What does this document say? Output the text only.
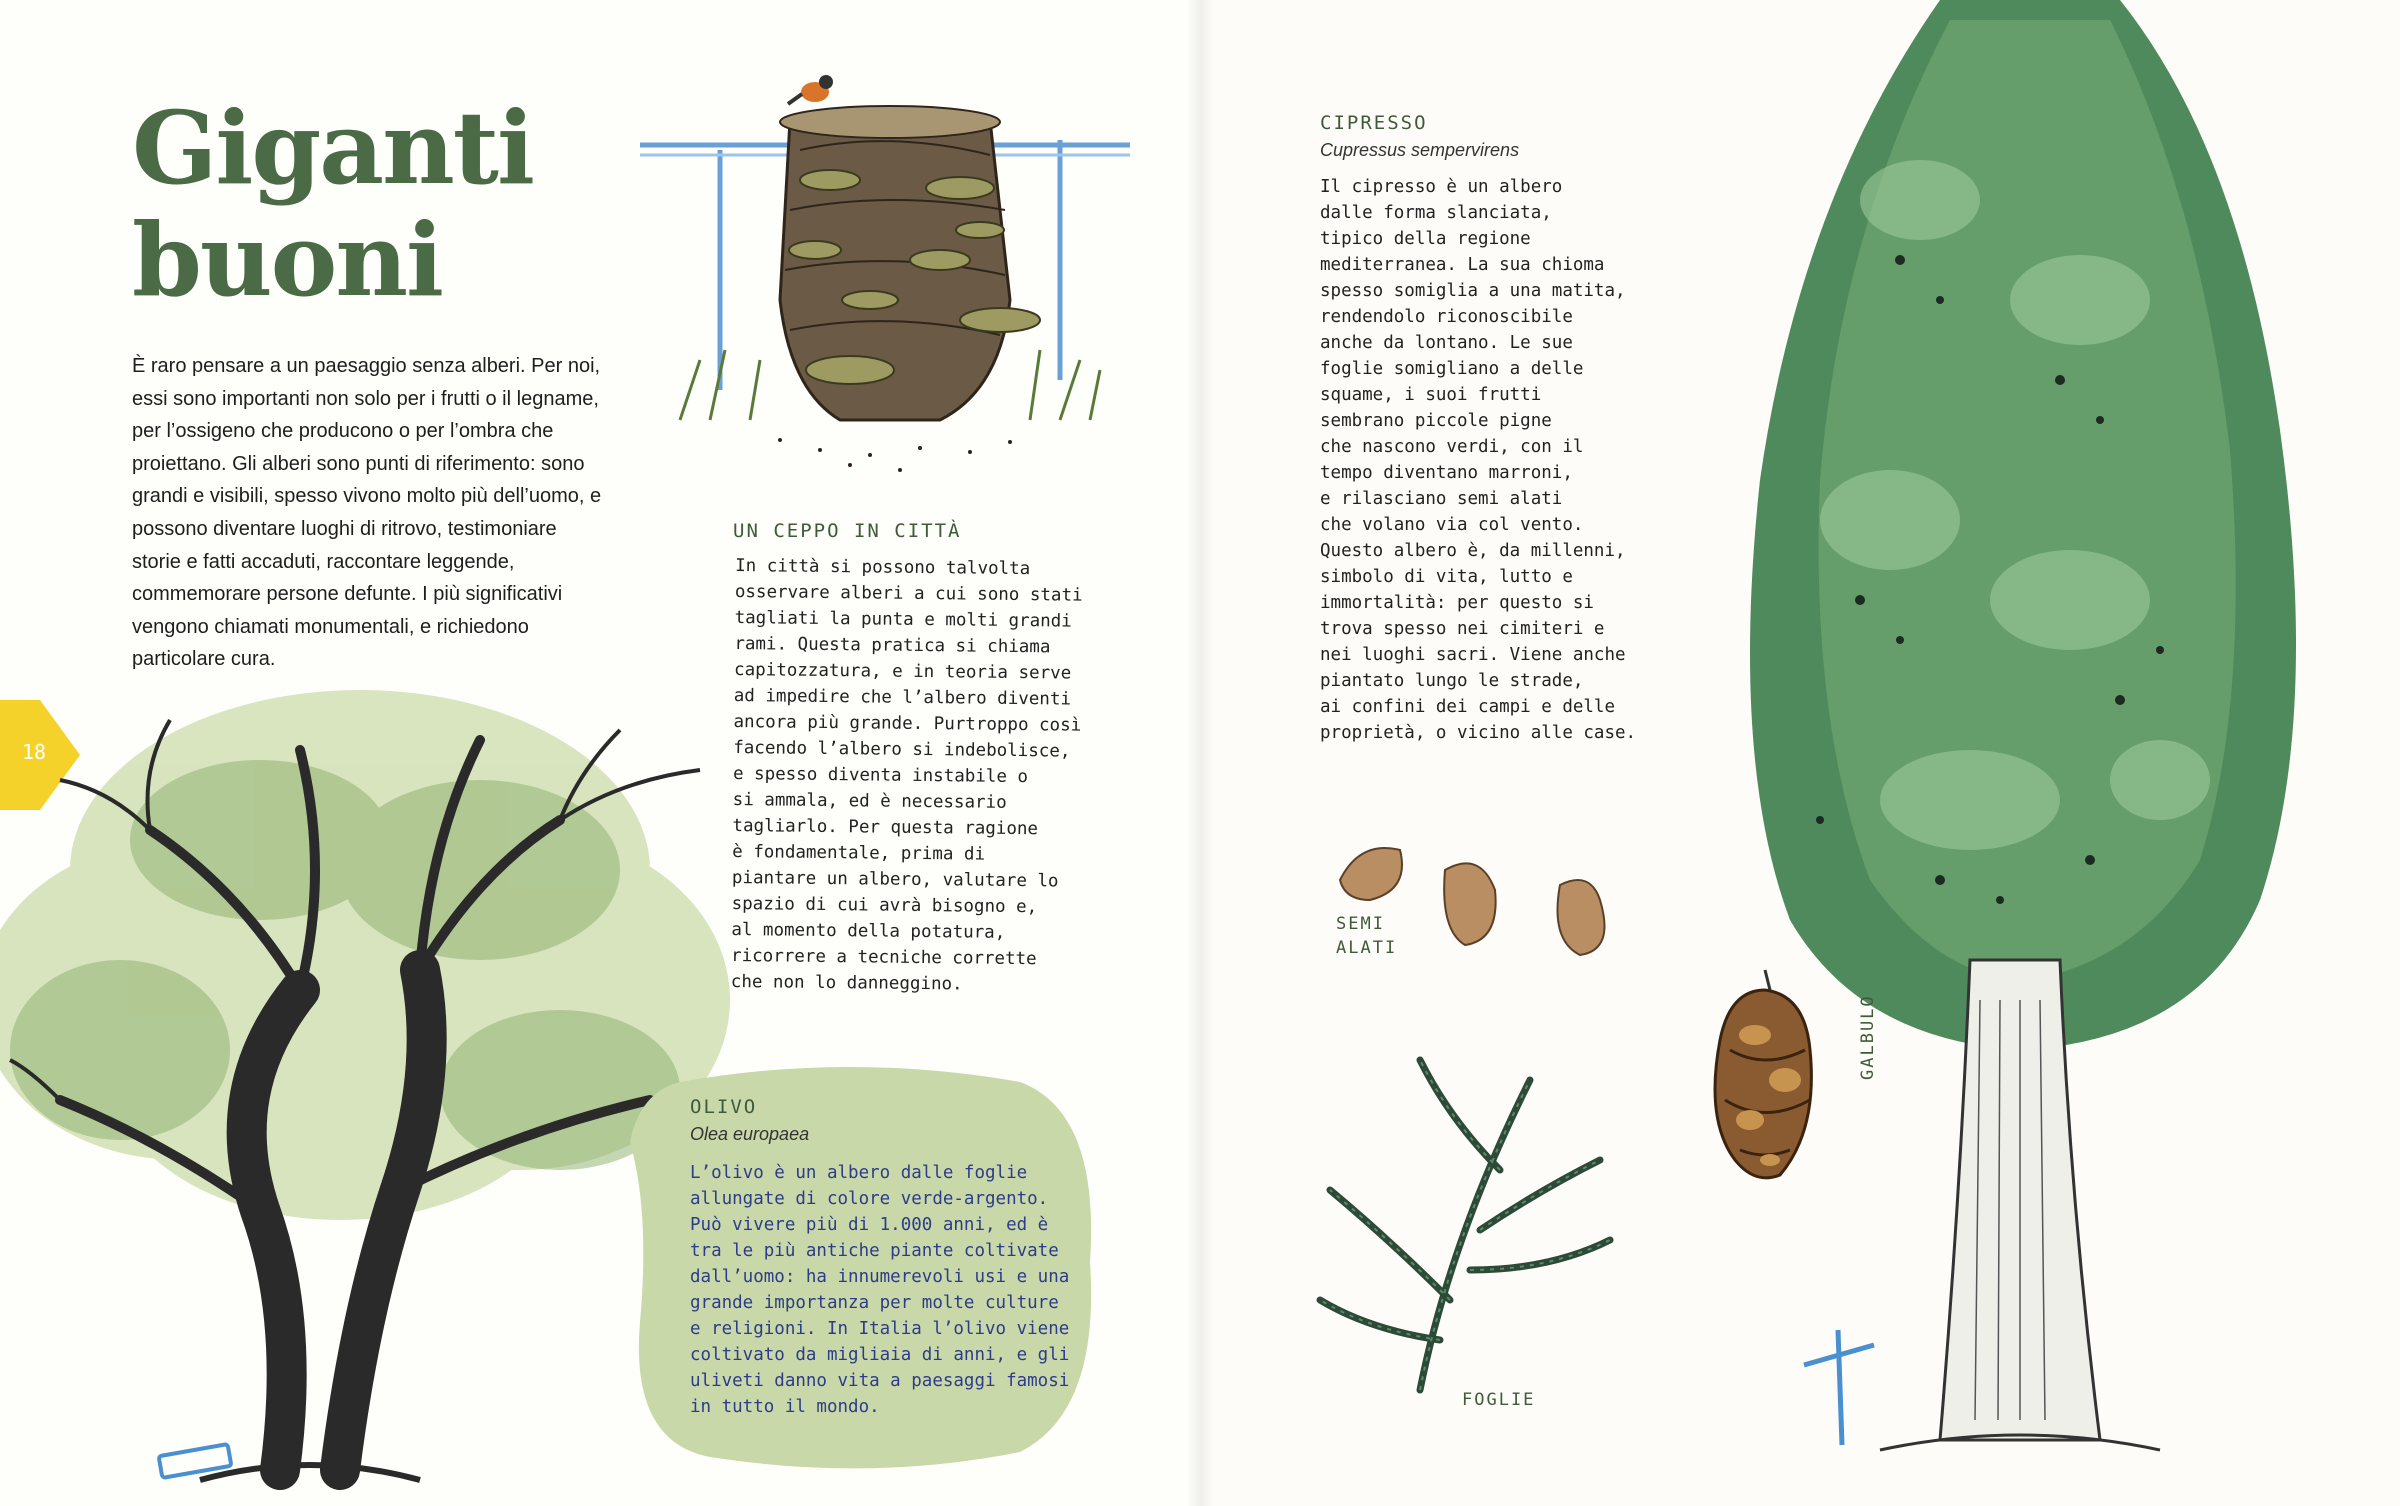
Giganti
buoni
È raro pensare a un paesaggio senza alberi. Per noi, essi sono importanti non solo per i frutti o il legname, per l’ossigeno che producono o per l’ombra che proiettano. Gli alberi sono punti di riferimento: sono grandi e visibili, spesso vivono molto più dell’uomo, e possono diventare luoghi di ritrovo, testimoniare storie e fatti accaduti, raccontare leggende, commemorare persone defunte. I più significativi vengono chiamati monumentali, e richiedono particolare cura.
UN CEPPO IN CITTÀ
In città si possono talvolta
osservare alberi a cui sono stati
tagliati la punta e molti grandi
rami. Questa pratica si chiama
capitozzatura, e in teoria serve
ad impedire che l’albero diventi
ancora più grande. Purtroppo così
facendo l’albero si indebolisce,
e spesso diventa instabile o
si ammala, ed è necessario
tagliarlo. Per questa ragione
è fondamentale, prima di
piantare un albero, valutare lo
spazio di cui avrà bisogno e,
al momento della potatura,
ricorrere a tecniche corrette
che non lo danneggino.
18
OLIVO
Olea europaea
L’olivo è un albero dalle foglie
allungate di colore verde-argento.
Può vivere più di 1.000 anni, ed è
tra le più antiche piante coltivate
dall’uomo: ha innumerevoli usi e una
grande importanza per molte culture
e religioni. In Italia l’olivo viene
coltivato da migliaia di anni, e gli
uliveti danno vita a paesaggi famosi
in tutto il mondo.
CIPRESSO
Cupressus sempervirens
Il cipresso è un albero
dalle forma slanciata,
tipico della regione
mediterranea. La sua chioma
spesso somiglia a una matita,
rendendolo riconoscibile
anche da lontano. Le sue
foglie somigliano a delle
squame, i suoi frutti
sembrano piccole pigne
che nascono verdi, con il
tempo diventano marroni,
e rilasciano semi alati
che volano via col vento.
Questo albero è, da millenni,
simbolo di vita, lutto e
immortalità: per questo si
trova spesso nei cimiteri e
nei luoghi sacri. Viene anche
piantato lungo le strade,
ai confini dei campi e delle
proprietà, o vicino alle case.
SEMI
ALATI
FOGLIE
GALBULO
